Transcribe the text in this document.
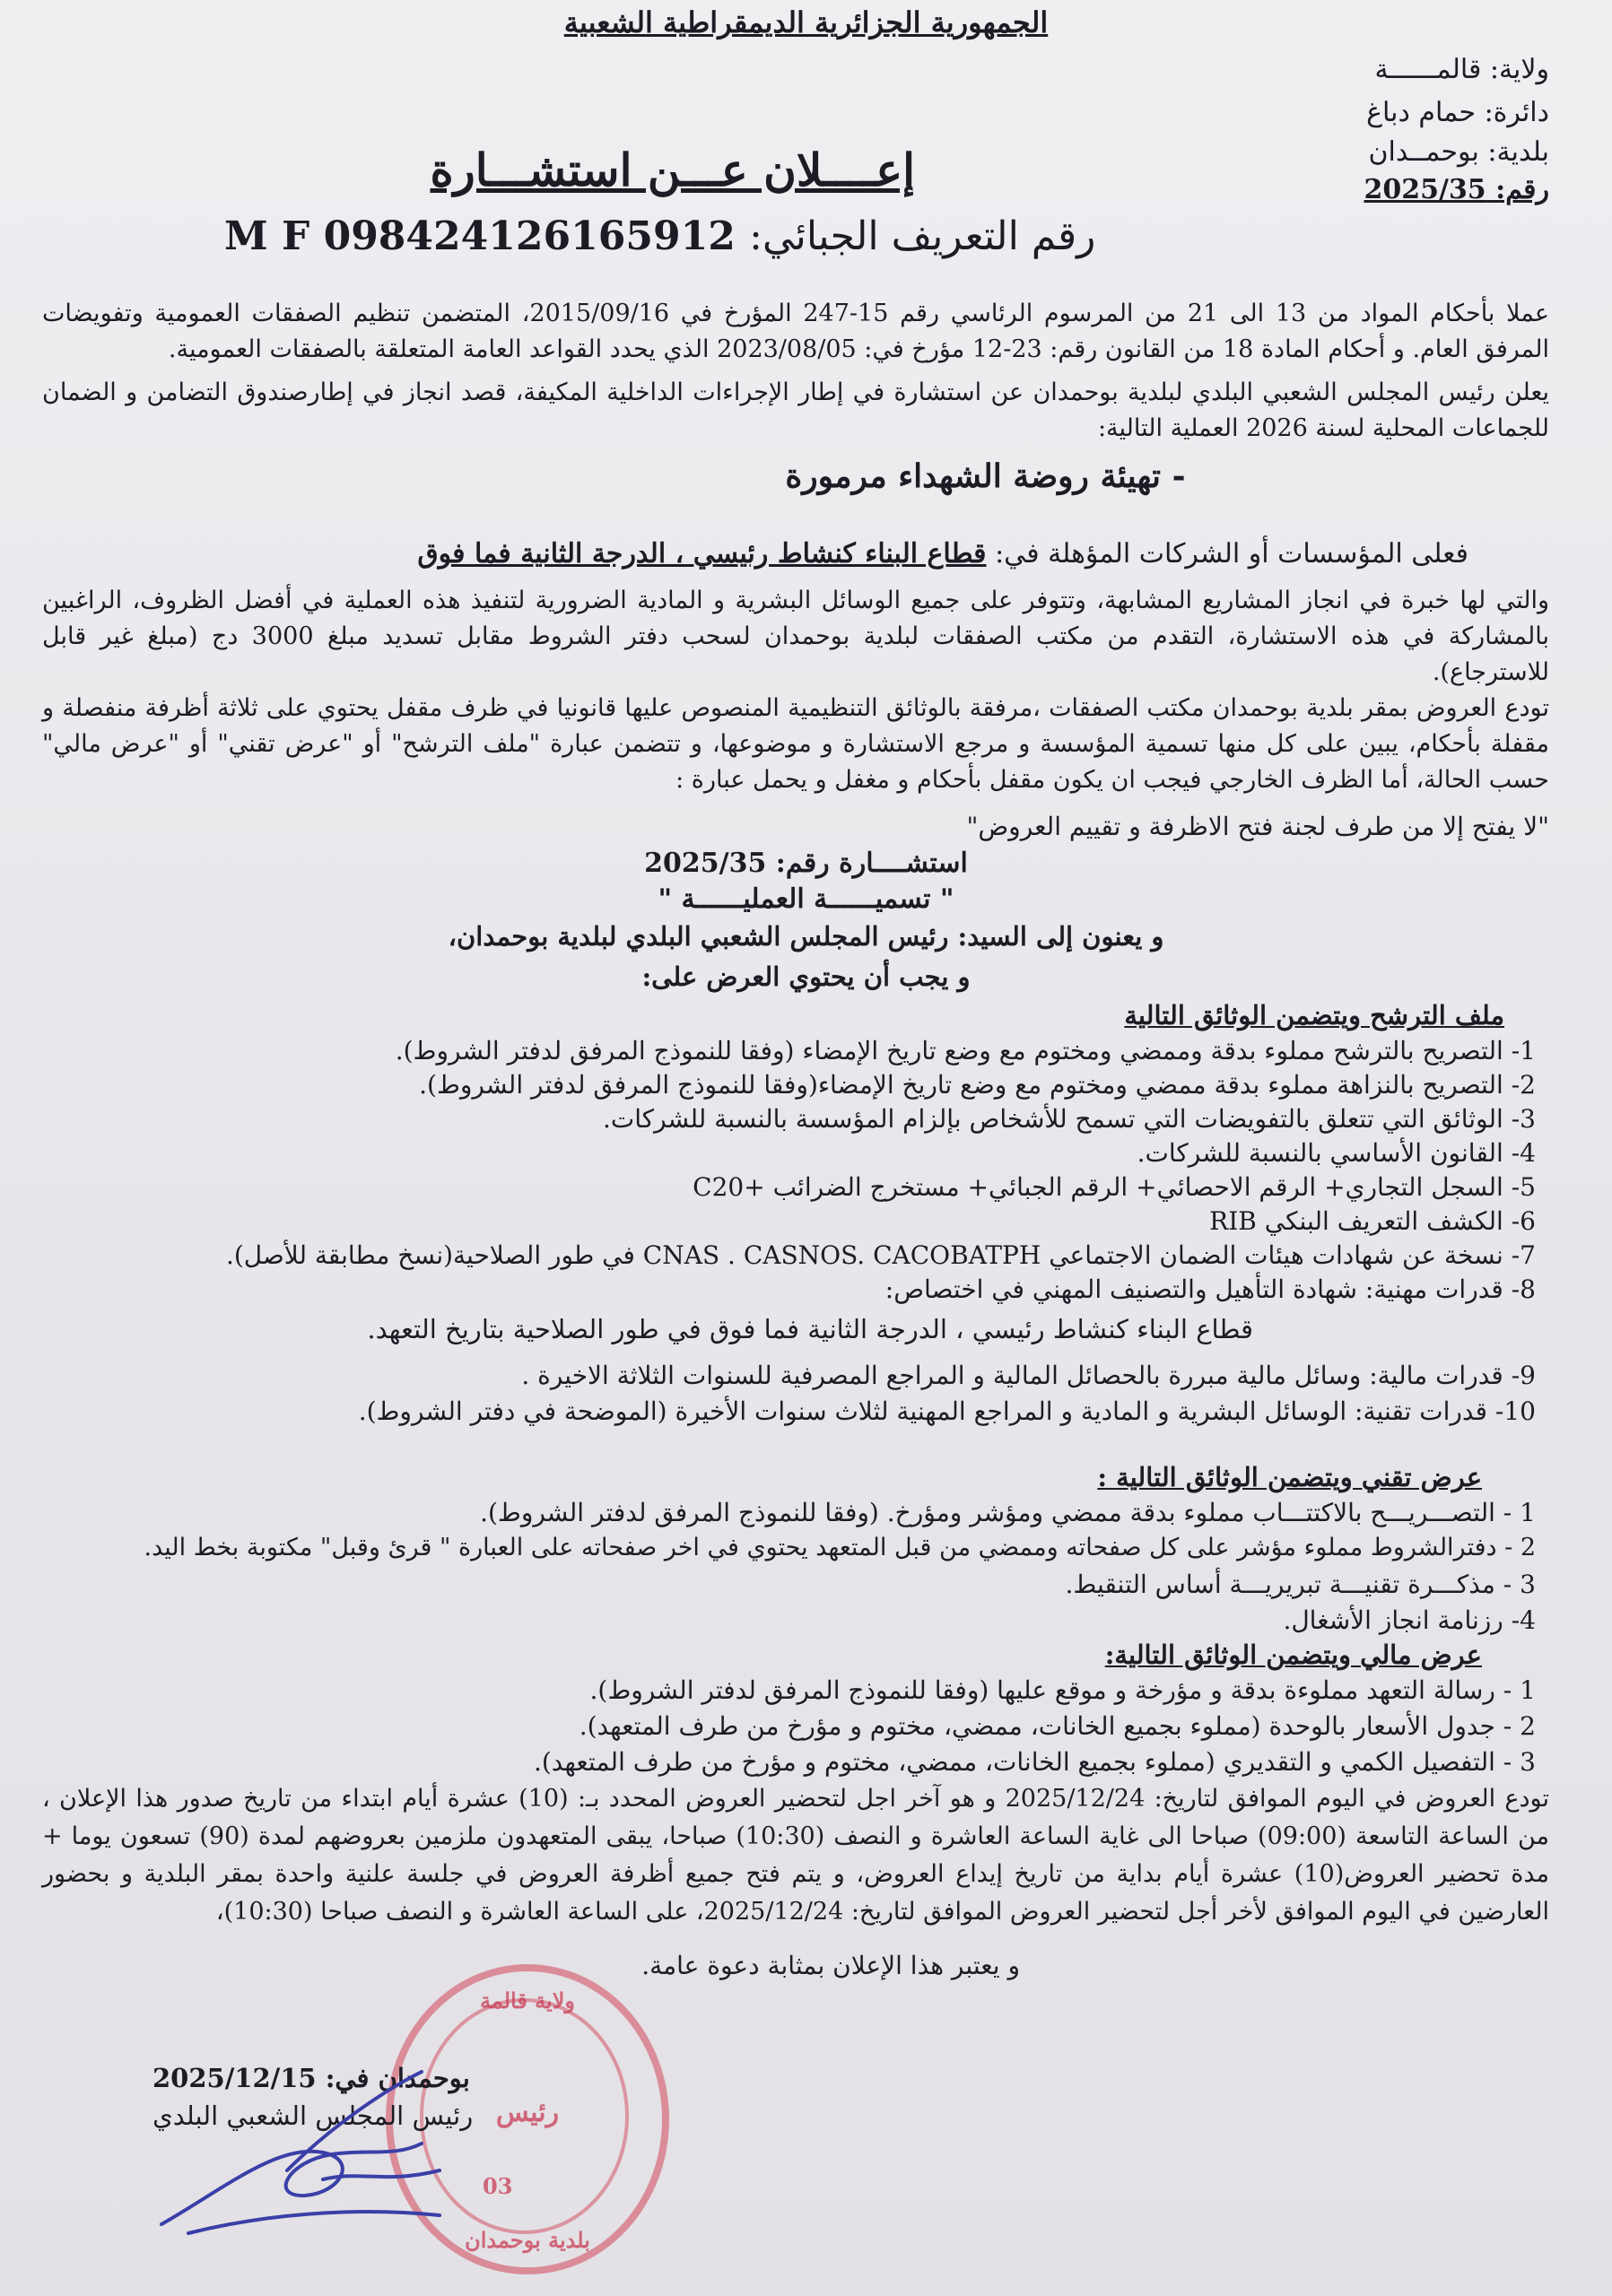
الجمهورية الجزائرية الديمقراطية الشعبية
ولاية: قالمــــــة
دائرة: حمام دباغ
بلدية: بوحمــدان
رقم: 2025/35
إعــــلان عـــن استشـــارة
رقم التعريف الجبائي: M F 098424126165912
عملا بأحكام المواد من 13 الى 21 من المرسوم الرئاسي رقم 15-247 المؤرخ في 2015/09/16، المتضمن تنظيم الصفقات العمومية وتفويضات المرفق العام. و أحكام المادة 18 من القانون رقم: 23-12 مؤرخ في: 2023/08/05 الذي يحدد القواعد العامة المتعلقة بالصفقات العمومية.
يعلن رئيس المجلس الشعبي البلدي لبلدية بوحمدان عن استشارة في إطار الإجراءات الداخلية المكيفة، قصد انجاز في إطارصندوق التضامن و الضمان للجماعات المحلية لسنة 2026 العملية التالية:
- تهيئة روضة الشهداء مرمورة
فعلى المؤسسات أو الشركات المؤهلة في: قطاع البناء كنشاط رئيسي ، الدرجة الثانية فما فوق
والتي لها خبرة في انجاز المشاريع المشابهة، وتتوفر على جميع الوسائل البشرية و المادية الضرورية لتنفيذ هذه العملية في أفضل الظروف، الراغبين بالمشاركة في هذه الاستشارة، التقدم من مكتب الصفقات لبلدية بوحمدان لسحب دفتر الشروط مقابل تسديد مبلغ 3000 دج (مبلغ غير قابل للاسترجاع).
تودع العروض بمقر بلدية بوحمدان مكتب الصفقات ،مرفقة بالوثائق التنظيمية المنصوص عليها قانونيا في ظرف مقفل يحتوي على ثلاثة أظرفة منفصلة و مقفلة بأحكام، يبين على كل منها تسمية المؤسسة و مرجع الاستشارة و موضوعها، و تتضمن عبارة "ملف الترشح" أو "عرض تقني" أو "عرض مالي" حسب الحالة، أما الظرف الخارجي فيجب ان يكون مقفل بأحكام و مغفل و يحمل عبارة :
"لا يفتح إلا من طرف لجنة فتح الاظرفة و تقييم العروض"
استشــــارة رقم: 2025/35
" تسميــــــة العمليــــــة "
و يعنون إلى السيد: رئيس المجلس الشعبي البلدي لبلدية بوحمدان،
و يجب أن يحتوي العرض على:
ملف الترشح ويتضمن الوثائق التالية
1- التصريح بالترشح مملوء بدقة وممضي ومختوم مع وضع تاريخ الإمضاء (وفقا للنموذج المرفق لدفتر الشروط).
2- التصريح بالنزاهة مملوء بدقة ممضي ومختوم مع وضع تاريخ الإمضاء(وفقا للنموذج المرفق لدفتر الشروط).
3- الوثائق التي تتعلق بالتفويضات التي تسمح للأشخاص بإلزام المؤسسة بالنسبة للشركات.
4- القانون الأساسي بالنسبة للشركات.
5- السجل التجاري+ الرقم الاحصائي+ الرقم الجبائي+ مستخرج الضرائب +C20
6- الكشف التعريف البنكي RIB
7- نسخة عن شهادات هيئات الضمان الاجتماعي CNAS . CASNOS. CACOBATPH في طور الصلاحية(نسخ مطابقة للأصل).
8- قدرات مهنية: شهادة التأهيل والتصنيف المهني في اختصاص:
قطاع البناء كنشاط رئيسي ، الدرجة الثانية فما فوق في طور الصلاحية بتاريخ التعهد.
9- قدرات مالية: وسائل مالية مبررة بالحصائل المالية و المراجع المصرفية للسنوات الثلاثة الاخيرة .
10- قدرات تقنية: الوسائل البشرية و المادية و المراجع المهنية لثلاث سنوات الأخيرة (الموضحة في دفتر الشروط).
عرض تقني ويتضمن الوثائق التالية :
1 - التصـــريـــح بالاكتتـــاب مملوء بدقة ممضي ومؤشر ومؤرخ. (وفقا للنموذج المرفق لدفتر الشروط).
2 - دفترالشروط مملوء مؤشر على كل صفحاته وممضي من قبل المتعهد يحتوي في اخر صفحاته على العبارة " قرئ وقبل" مكتوبة بخط اليد.
3 - مذكـــرة تقنيـــة تبريريـــة أساس التنقيط.
4- رزنامة انجاز الأشغال.
عرض مالي ويتضمن الوثائق التالية:
1 - رسالة التعهد مملوءة بدقة و مؤرخة و موقع عليها (وفقا للنموذج المرفق لدفتر الشروط).
2 - جدول الأسعار بالوحدة (مملوء بجميع الخانات، ممضي، مختوم و مؤرخ من طرف المتعهد).
3 - التفصيل الكمي و التقديري (مملوء بجميع الخانات، ممضي، مختوم و مؤرخ من طرف المتعهد).
تودع العروض في اليوم الموافق لتاريخ: 2025/12/24 و هو آخر اجل لتحضير العروض المحدد بـ: (10) عشرة أيام ابتداء من تاريخ صدور هذا الإعلان ، من الساعة التاسعة (09:00) صباحا الى غاية الساعة العاشرة و النصف (10:30) صباحا، يبقى المتعهدون ملزمين بعروضهم لمدة (90) تسعون يوما + مدة تحضير العروض(10) عشرة أيام بداية من تاريخ إيداع العروض، و يتم فتح جميع أظرفة العروض في جلسة علنية واحدة بمقر البلدية و بحضور العارضين في اليوم الموافق لأخر أجل لتحضير العروض الموافق لتاريخ: 2025/12/24، على الساعة العاشرة و النصف صباحا (10:30)،
و يعتبر هذا الإعلان بمثابة دعوة عامة.
ولاية قالمة
رئيس
بلدية بوحمدان
03
بوحمدان في: 2025/12/15
رئيس المجلس الشعبي البلدي
